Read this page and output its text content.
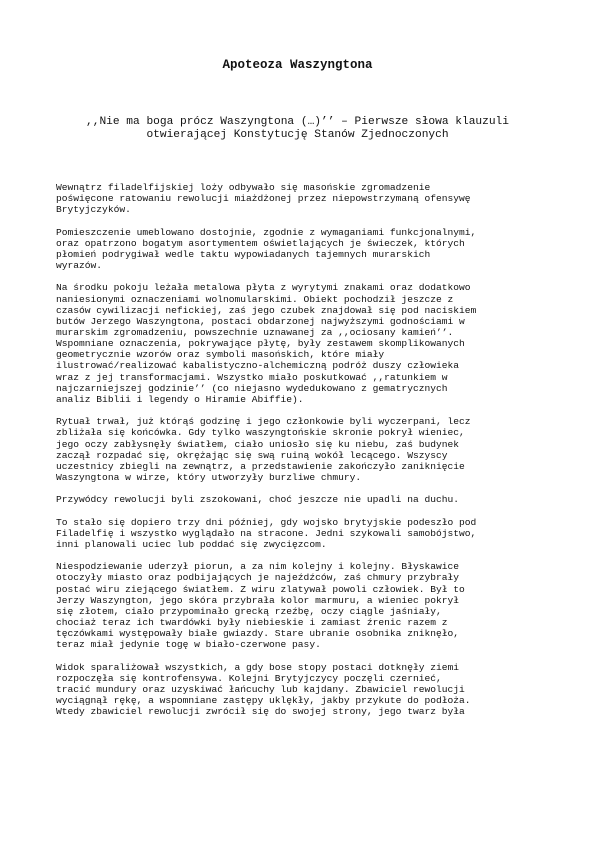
Apoteoza Waszyngtona
,,Nie ma boga prócz Waszyngtona (…)’’ – Pierwsze słowa klauzuli
otwierającej Konstytucję Stanów Zjednoczonych

Wewnątrz filadelfijskiej loży odbywało się masońskie zgromadzenie
poświęcone ratowaniu rewolucji miażdżonej przez niepowstrzymaną ofensywę
Brytyjczyków.

Pomieszczenie umeblowano dostojnie, zgodnie z wymaganiami funkcjonalnymi,
oraz opatrzono bogatym asortymentem oświetlających je świeczek, których
płomień podrygiwał wedle taktu wypowiadanych tajemnych murarskich
wyrazów.

Na środku pokoju leżała metalowa płyta z wyrytymi znakami oraz dodatkowo
naniesionymi oznaczeniami wolnomularskimi. Obiekt pochodził jeszcze z
czasów cywilizacji nefickiej, zaś jego czubek znajdował się pod naciskiem
butów Jerzego Waszyngtona, postaci obdarzonej najwyższymi godnościami w
murarskim zgromadzeniu, powszechnie uznawanej za ,,ociosany kamień’’.
Wspomniane oznaczenia, pokrywające płytę, były zestawem skomplikowanych
geometrycznie wzorów oraz symboli masońskich, które miały
ilustrować/realizować kabalistyczno-alchemiczną podróż duszy człowieka
wraz z jej transformacjami. Wszystko miało poskutkować ,,ratunkiem w
najczarniejszej godzinie’’ (co niejasno wydedukowano z gematrycznych
analiz Biblii i legendy o Hiramie Abiffie).

Rytuał trwał, już którąś godzinę i jego członkowie byli wyczerpani, lecz
zbliżała się końcówka. Gdy tylko waszyngtońskie skronie pokrył wieniec,
jego oczy zabłysnęły światłem, ciało uniosło się ku niebu, zaś budynek
zaczął rozpadać się, okrężając się swą ruiną wokół lecącego. Wszyscy
uczestnicy zbiegli na zewnątrz, a przedstawienie zakończyło zaniknięcie
Waszyngtona w wirze, który utworzyły burzliwe chmury.

Przywódcy rewolucji byli zszokowani, choć jeszcze nie upadli na duchu.

To stało się dopiero trzy dni później, gdy wojsko brytyjskie podeszło pod
Filadelfię i wszystko wyglądało na stracone. Jedni szykowali samobójstwo,
inni planowali uciec lub poddać się zwycięzcom.

Niespodziewanie uderzył piorun, a za nim kolejny i kolejny. Błyskawice
otoczyły miasto oraz podbijających je najeźdźców, zaś chmury przybrały
postać wiru ziejącego światłem. Z wiru zlatywał powoli człowiek. Był to
Jerzy Waszyngton, jego skóra przybrała kolor marmuru, a wieniec pokrył
się złotem, ciało przypominało grecką rzeźbę, oczy ciągle jaśniały,
chociaż teraz ich twardówki były niebieskie i zamiast źrenic razem z
tęczówkami występowały białe gwiazdy. Stare ubranie osobnika zniknęło,
teraz miał jedynie togę w biało-czerwone pasy.

Widok sparaliżował wszystkich, a gdy bose stopy postaci dotknęły ziemi
rozpoczęła się kontrofensywa. Kolejni Brytyjczycy poczęli czernieć,
tracić mundury oraz uzyskiwać łańcuchy lub kajdany. Zbawiciel rewolucji
wyciągnął rękę, a wspomniane zastępy uklękły, jakby przykute do podłoża.
Wtedy zbawiciel rewolucji zwrócił się do swojej strony, jego twarz była
